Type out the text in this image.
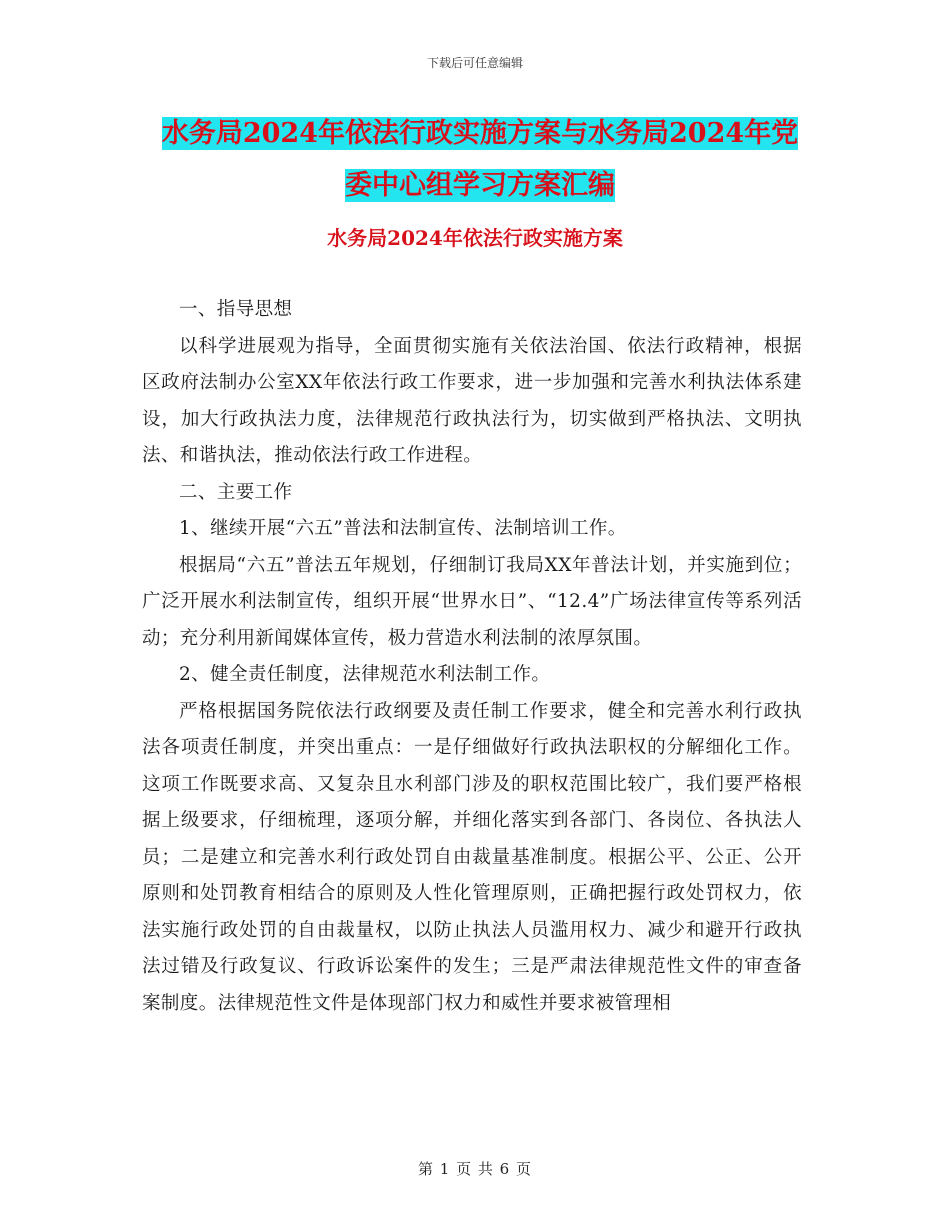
下载后可任意编辑
水务局2024年依法行政实施方案与水务局2024年党
委中心组学习方案汇编
水务局2024年依法行政实施方案

一、指导思想

以科学进展观为指导，全面贯彻实施有关依法治国、依法行政精神，根据区政府法制办公室XX年依法行政工作要求，进一步加强和完善水利执法体系建设，加大行政执法力度，法律规范行政执法行为，切实做到严格执法、文明执法、和谐执法，推动依法行政工作进程。

二、主要工作

1、继续开展“六五”普法和法制宣传、法制培训工作。

根据局“六五”普法五年规划，仔细制订我局XX年普法计划，并实施到位；广泛开展水利法制宣传，组织开展“世界水日”、“12.4”广场法律宣传等系列活动；充分利用新闻媒体宣传，极力营造水利法制的浓厚氛围。

2、健全责任制度，法律规范水利法制工作。

严格根据国务院依法行政纲要及责任制工作要求，健全和完善水利行政执法各项责任制度，并突出重点：一是仔细做好行政执法职权的分解细化工作。这项工作既要求高、又复杂且水利部门涉及的职权范围比较广，我们要严格根据上级要求，仔细梳理，逐项分解，并细化落实到各部门、各岗位、各执法人员；二是建立和完善水利行政处罚自由裁量基准制度。根据公平、公正、公开原则和处罚教育相结合的原则及人性化管理原则，正确把握行政处罚权力，依法实施行政处罚的自由裁量权，以防止执法人员滥用权力、减少和避开行政执法过错及行政复议、行政诉讼案件的发生；三是严肃法律规范性文件的审查备案制度。法律规范性文件是体现部门权力和威性并要求被管理相

第 1 页 共 6 页
